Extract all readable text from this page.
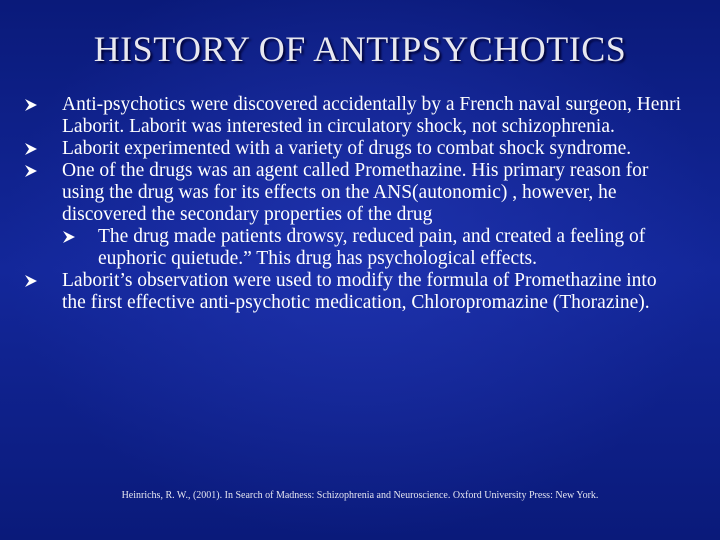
HISTORY OF ANTIPSYCHOTICS
Anti-psychotics were discovered accidentally by a French naval surgeon, Henri Laborit. Laborit was interested in circulatory shock, not schizophrenia.
Laborit experimented with a variety of drugs to combat shock syndrome.
One of the drugs was an agent called Promethazine. His primary reason for using the drug was for its effects on the ANS(autonomic) , however, he discovered the secondary properties of the drug
The drug made patients drowsy, reduced pain, and created a feeling of euphoric quietude.” This drug has psychological effects.
Laborit’s observation were used to modify the formula of Promethazine into the first effective anti-psychotic medication, Chloropromazine (Thorazine).
Heinrichs, R. W., (2001). In Search of Madness: Schizophrenia and Neuroscience. Oxford University Press: New York.
